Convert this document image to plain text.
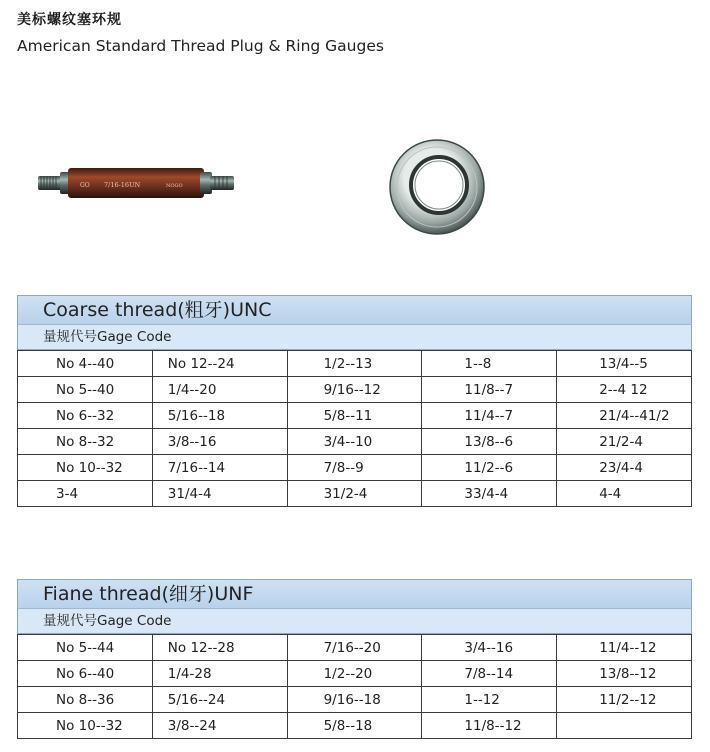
美标螺纹塞环规
American Standard Thread Plug & Ring Gauges
GO 7/16-16UN	NOGO
Coarse thread(粗牙)UNC
量规代号Gage Code
No 4--40	No 12--24	1/2--13	1--8	13/4--5
No 5--40	1/4--20	9/16--12	11/8--7	2--4 12
No 6--32	5/16--18	5/8--11	11/4--7	21/4--41/2
No 8--32	3/8--16	3/4--10	13/8--6	21/2-4
No 10--32	7/16--14	7/8--9	11/2--6	23/4-4
3-4	31/4-4	31/2-4	33/4-4	4-4
Fiane thread(细牙)UNF
量规代号Gage Code
No 5--44	No 12--28	7/16--20	3/4--16	11/4--12
No 6--40	1/4-28	1/2--20	7/8--14	13/8--12
No 8--36	5/16--24	9/16--18	1--12	11/2--12
No 10--32	3/8--24	5/8--18	11/8--12	
